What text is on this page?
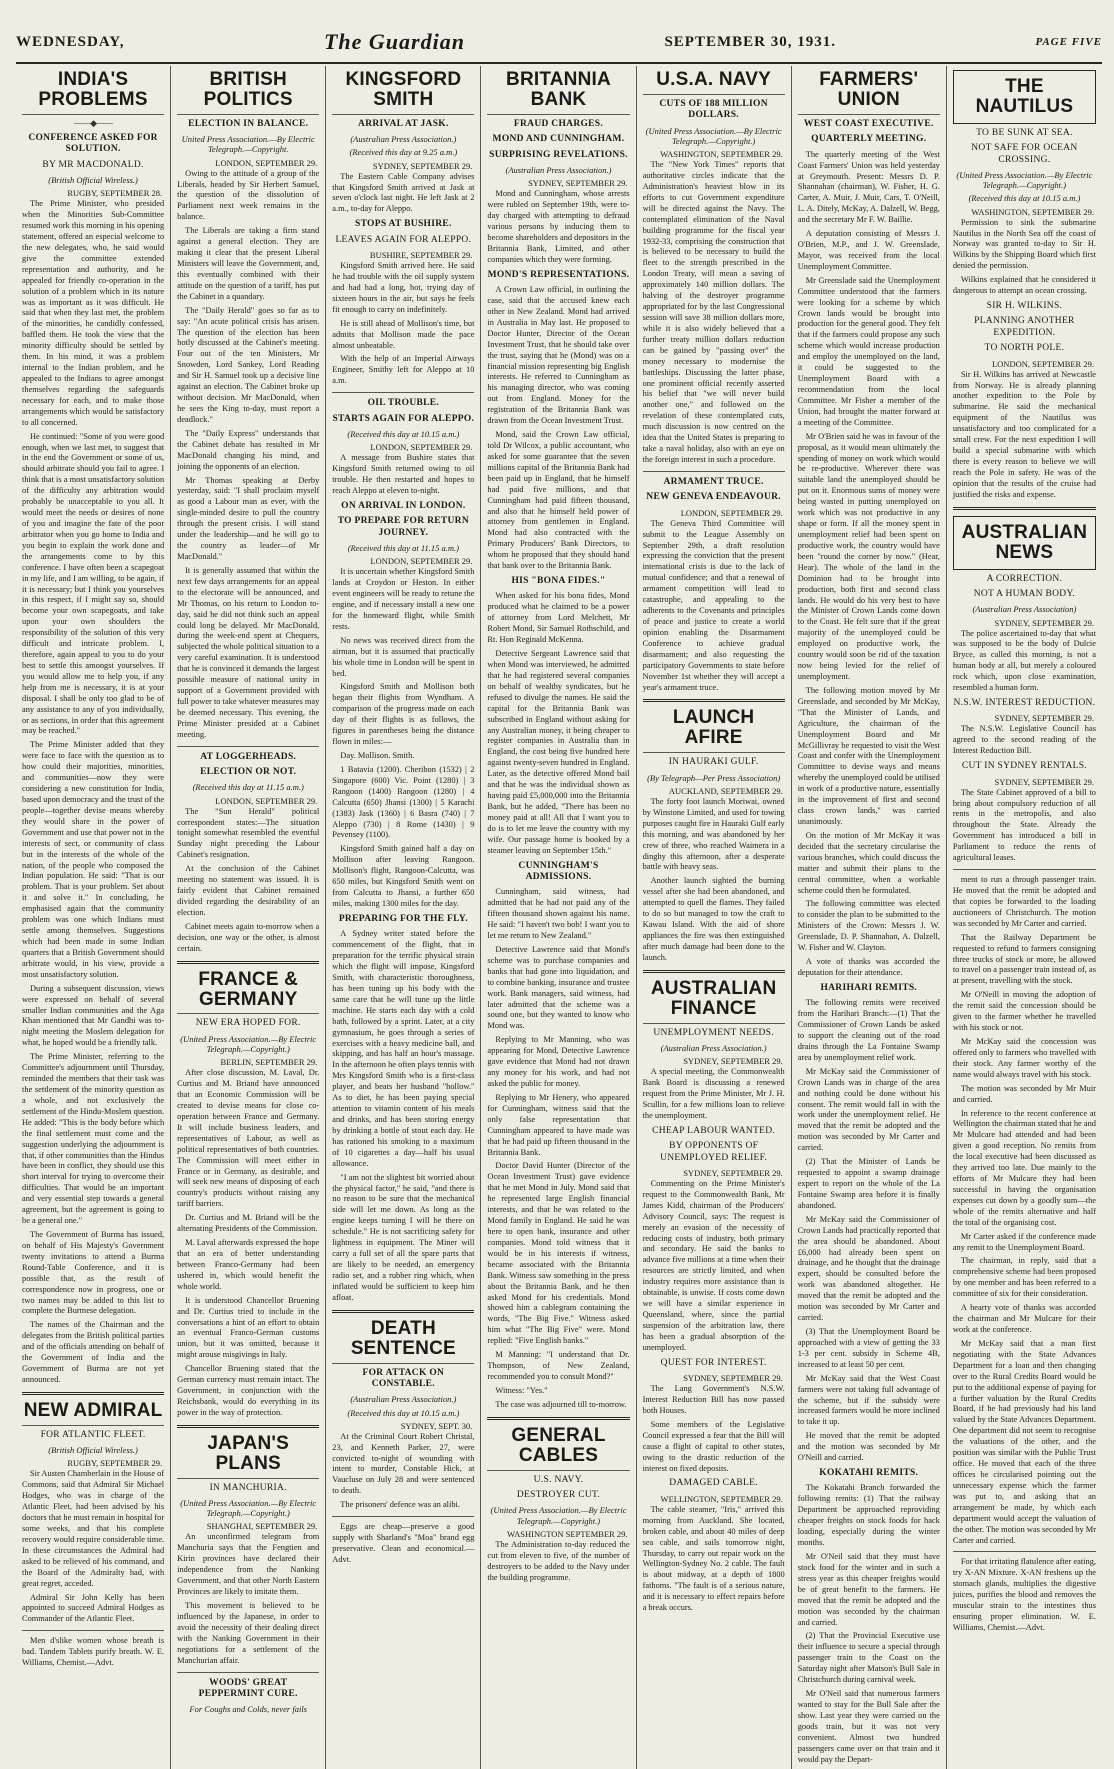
WEDNESDAY,	The Guardian	SEPTEMBER 30, 1931.	PAGE FIVE
INDIA'S PROBLEMS
——◆——
CONFERENCE ASKED FOR SOLUTION.
BY MR MACDONALD.
(British Official Wireless.)
RUGBY, SEPTEMBER 28.

The Prime Minister, who presided when the Minorities Sub-Committee resumed work this morning in his opening statement, offered an especial welcome to the new delegates, who, he said would give the committee extended representation and authority, and he appealed for friendly co-operation in the solution of a problem which in its nature was as important as it was difficult. He said that when they last met, the problem of the minorities, he candidly confessed, baffled them. He took the view that the minority difficulty should be settled by them. In his mind, it was a problem internal to the Indian problem, and he appealed to the Indians to agree amongst themselves regarding the safeguards necessary for each, and to make those arrangements which would be satisfactory to all concerned.

He continued: "Some of you were good enough, when we last met, to suggest that in the end the Government or some of us, should arbitrate should you fail to agree. I think that is a most unsatisfactory solution of the difficulty any arbitration would probably be unacceptable to you all. It would meet the needs or desires of none of you and imagine the fate of the poor arbitrator when you go home to India and you begin to explain the work done and the arrangements come to by this conference. I have often been a scapegoat in my life, and I am willing, to be again, if it is necessary; but I think you yourselves in this respect, if I might say so, should become your own scapegoats, and take upon your own shoulders the responsibility of the solution of this very difficult and intricate problem. I, therefore, again appeal to you to do your best to settle this amongst yourselves. If you would allow me to help you, if any help from me is necessary, it is at your disposal. I shall be only too glad to be of any assistance to any of you individually, or as sections, in order that this agreement may be reached."

The Prime Minister added that they were face to face with the question as to how could their majorities, minorities, and communities—now they were considering a new constitution for India, based upon democracy and the trust of the people—together devise means whereby they would share in the power of Government and use that power not in the interests of sect, or community of class but in the interests of the whole of the nation, of the people who composed the Indian population. He said: "That is our problem. That is your problem. Set about it and solve it." In concluding, he emphasised again that the community problem was one which Indians must settle among themselves. Suggestions which had been made in some Indian quarters that a British Government should arbitrate would, in his view, provide a most unsatisfactory solution.

During a subsequent discussion, views were expressed on behalf of several smaller Indian communities and the Aga Khan mentioned that Mr Gandhi was to-night meeting the Moslem delegation for what, he hoped would be a friendly talk.

The Prime Minister, referring to the Committee's adjournment until Thursday, reminded the members that their task was the settlement of the minority question as a whole, and not exclusively the settlement of the Hindu-Moslem question. He added: "This is the body before which the final settlement must come and the suggestion underlying the adjournment is that, if other communities than the Hindus have been in conflict, they should use this short interval for trying to overcome their difficulties. That would be an important and very essential step towards a general agreement, but the agreement is going to be a general one."

The Government of Burma has issued, on behalf of His Majesty's Government twenty invitations to attend a Burma Round-Table Conference, and it is possible that, as the result of correspondence now in progress, one or two names may be added to this list to complete the Burmese delegation.

The names of the Chairman and the delegates from the British political parties and of the officials attending on behalf of the Government of India and the Government of Burma are not yet announced.

NEW ADMIRAL
FOR ATLANTIC FLEET.
(British Official Wireless.)
RUGBY, SEPTEMBER 29.

Sir Austen Chamberlain in the House of Commons, said that Admiral Sir Michael Hodges, who was in charge of the Atlantic Fleet, had been advised by his doctors that he must remain in hospital for some weeks, and that his complete recovery would require considerable time. In these circumstances the Admiral had asked to be relieved of his command, and the Board of the Admiralty had, with great regret, acceded.

Admiral Sir John Kelly has been appointed to succeed Admiral Hodges as Commander of the Atlantic Fleet.

Men d'slike women whose breath is bad. Tandem Tablets purify breath. W. E. Williams, Chemist.—Advt.

BRITISH POLITICS
ELECTION IN BALANCE.
United Press Association.—By Electric Telegraph.—Copyright.
LONDON, SEPTEMBER 29.

Owing to the attitude of a group of the Liberals, headed by Sir Herbert Samuel, the question of the dissolution of Parliament next week remains in the balance.

The Liberals are taking a firm stand against a general election. They are making it clear that the present Liberal Ministers will leave the Government, and, this eventually combined with their attitude on the question of a tariff, has put the Cabinet in a quandary.

The "Daily Herald" goes so far as to say: "An acute political crisis has arisen. The question of the election has been hotly discussed at the Cabinet's meeting. Four out of the ten Ministers, Mr Snowden, Lord Sankey, Lord Reading and Sir H. Samuel took up a decisive line against an election. The Cabinet broke up without decision. Mr MacDonald, when he sees the King to-day, must report a deadlock."

The "Daily Express" understands that the Cabinet debate has resulted in Mr MacDonald changing his mind, and joining the opponents of an election.

Mr Thomas speaking at Derby yesterday, said: "I shall proclaim myself as good a Labour man as ever, with the single-minded desire to pull the country through the present crisis. I will stand under the leadership—and he will go to the country as leader—of Mr MacDonald."

It is generally assumed that within the next few days arrangements for an appeal to the electorate will be announced, and Mr Thomas, on his return to London to-day, said he did not think such an appeal could long be delayed. Mr MacDonald, during the week-end spent at Chequers, subjected the whole political situation to a very careful examination. It is understood that he is convinced it demands the largest possible measure of national unity in support of a Government provided with full power to take whatever measures may be deemed necessary. This evening, the Prime Minister presided at a Cabinet meeting.

AT LOGGERHEADS.
ELECTION OR NOT.
(Received this day at 11.15 a.m.)
LONDON, SEPTEMBER 29.

The "Sun Herald" political correspondent states:—The situation tonight somewhat resembled the eventful Sunday night preceding the Labour Cabinet's resignation.

At the conclusion of the Cabinet meeting no statement was issued. It is fairly evident that Cabinet remained divided regarding the desirability of an election.

Cabinet meets again to-morrow when a decision, one way or the other, is almost certain.

FRANCE & GERMANY
NEW ERA HOPED FOR.
(United Press Association.—By Electric Telegraph.—Copyright.)
BERLIN, SEPTEMBER 29.

After close discussion, M. Laval, Dr. Curtius and M. Briand have announced that an Economic Commission will be created to devise means for close co-operation between France and Germany. It will include business leaders, and representatives of Labour, as well as political representatives of both countries. The Commission will meet either in France or in Germany, as desirable, and will seek new means of disposing of each country's products without raising any tariff barriers.

Dr. Curtius and M. Briand will be the alternating Presidents of the Commission.

M. Laval afterwards expressed the hope that an era of better understanding between Franco-Germany had been ushered in, which would benefit the whole world.

It is understood Chancellor Bruening and Dr. Curtius tried to include in the conversations a hint of an effort to obtain an eventual Franco-German customs union, but it was omitted, because it might arouse misgivings in Italy.

Chancellor Bruening stated that the German currency must remain intact. The Government, in conjunction with the Reichsbank, would do everything in its power in the way of protection.

JAPAN'S PLANS
IN MANCHURIA.
(United Press Association.—By Electric Telegraph.—Copyright.)
SHANGHAI, SEPTEMBER 29.

An unconfirmed telegram from Manchuria says that the Fengtien and Kirin provinces have declared their independence from the Nanking Government, and that other North Eastern Provinces are likely to imitate them.

This movement is believed to be influenced by the Japanese, in order to avoid the necessity of their dealing direct with the Nanking Government in their negotiations for a settlement of the Manchurian affair.

WOODS' GREAT PEPPERMINT CURE.
For Coughs and Colds, never fails
KINGSFORD SMITH
ARRIVAL AT JASK.
(Australian Press Association.)
(Received this day at 9.25 a.m.)
SYDNEY, SEPTEMBER 29.

The Eastern Cable Company advises that Kingsford Smith arrived at Jask at seven o'clock last night. He left Jask at 2 a.m., to-day for Aleppo.

STOPS AT BUSHIRE.
LEAVES AGAIN FOR ALEPPO.
BUSHIRE, SEPTEMBER 29.

Kingsford Smith arrived here. He said he had trouble with the oil supply system and had had a long, hot, trying day of sixteen hours in the air, but says he feels fit enough to carry on indefinitely.

He is still ahead of Mollison's time, but admits that Mollison made the pace almost unbeatable.

With the help of an Imperial Airways Engineer, Smithy left for Aleppo at 10 a.m.

OIL TROUBLE.
STARTS AGAIN FOR ALEPPO.
(Received this day at 10.15 a.m.)
LONDON, SEPTEMBER 29.

A message from Bushire states that Kingsford Smith returned owing to oil trouble. He then restarted and hopes to reach Aleppo at eleven to-night.

ON ARRIVAL IN LONDON.
TO PREPARE FOR RETURN JOURNEY.
(Received this day at 11.15 a.m.)
LONDON, SEPTEMBER 29.

It is uncertain whether Kingsford Smith lands at Croydon or Heston. In either event engineers will be ready to retune the engine, and if necessary install a new one for the homeward flight, while Smith rests.

No news was received direct from the airman, but it is assumed that practically his whole time in London will be spent in bed.

Kingsford Smith and Mollison both began their flights from Wyndham. A comparison of the progress made on each day of their flights is as follows, the figures in parentheses being the distance flown in miles:—

Day. Mollison. Smith.

1 Batavia (1200). Cheribon (1532) | 2 Singapore (600) Vic. Point (1280) | 3 Rangoon (1400) Rangoon (1280) | 4 Calcutta (650) Jhansi (1300) | 5 Karachi (1383) Jask (1360) | 6 Basra (740) | 7 Aleppo (730) | 8 Rome (1430) | 9 Pevensey (1100).

Kingsford Smith gained half a day on Mollison after leaving Rangoon. Mollison's flight, Rangoon-Calcutta, was 650 miles, but Kingsford Smith went on from Calcutta to Jhansi, a further 650 miles, making 1300 miles for the day.

PREPARING FOR THE FLY.

A Sydney writer stated before the commencement of the flight, that in preparation for the terrific physical strain which the flight will impose, Kingsford Smith, with characteristic thoroughness, has been tuning up his body with the same care that he will tune up the little machine. He starts each day with a cold bath, followed by a sprint. Later, at a city gymnasium, he goes through a series of exercises with a heavy medicine ball, and skipping, and has half an hour's massage. In the afternoon he often plays tennis with Mrs Kingsford Smith who is a first-class player, and beats her husband "hollow." As to diet, he has been paying special attention to vitamin content of his meals and drinks, and has been storing energy by drinking a bottle of stout each day. He has rationed his smoking to a maximum of 10 cigarettes a day—half his usual allowance.

"I am not the slightest bit worried about the physical factor," he said, "and there is no reason to be sure that the mechanical side will let me down. As long as the engine keeps turning I will be there on schedule." He is not sacrificing safety for lightness in equipment. The Miner will carry a full set of all the spare parts that are likely to be needed, an emergency radio set, and a rubber ring which, when inflated would be sufficient to keep him afloat.

DEATH SENTENCE
FOR ATTACK ON CONSTABLE.
(Australian Press Association.)
(Received this day at 10.15 a.m.)
SYDNEY, SEPT. 30.

At the Criminal Court Robert Christal, 23, and Kenneth Parker, 27, were convicted to-night of wounding with intent to murder, Constable Hick, at Vaucluse on July 28 and were sentenced to death.

The prisoners' defence was an alibi.

Eggs are cheap—preserve a good supply with Sharland's "Moa" brand egg preservative. Clean and economical.—Advt.

BRITANNIA BANK
FRAUD CHARGES.
MOND AND CUNNINGHAM.
SURPRISING REVELATIONS.
(Australian Press Association.)
SYDNEY, SEPTEMBER 29.

Mond and Cunningham, whose arrests were rubled on September 19th, were to-day charged with attempting to defraud various persons by inducing them to become shareholders and depositors in the Britannia Bank, Limited, and other companies which they were forming.

MOND'S REPRESENTATIONS.

A Crown Law official, in outlining the case, said that the accused knew each other in New Zealand. Mond had arrived in Australia in May last. He proposed to Doctor Hunter, Director of the Ocean Investment Trust, that he should take over the trust, saying that he (Mond) was on a financial mission representing big English interests. He referred to Cunningham as his managing director, who was coming out from England. Money for the registration of the Britannia Bank was drawn from the Ocean Investment Trust.

Mond, said the Crown Law official, told Dr Wilcox, a public accountant, who asked for some guarantee that the seven millions capital of the Britannia Bank had been paid up in England, that he himself had paid five millions, and that Cunningham had paid fifteen thousand, and also that he himself held power of attorney from gentlemen in England. Mond had also contracted with the Primary Producers' Bank Directors, to whom he proposed that they should hand that bank over to the Britannia Bank.

HIS "BONA FIDES."

When asked for his bona fides, Mond produced what he claimed to be a power of attorney from Lord Melchett, Mr Robert Mond, Sir Samuel Rothschild, and Rt. Hon Reginald McKenna.

Detective Sergeant Lawrence said that when Mond was interviewed, he admitted that he had registered several companies on behalf of wealthy syndicates, but he refused to divulge the names. He said the capital for the Britannia Bank was subscribed in England without asking for any Australian money, it being cheaper to register companies in Australia than in England, the cost being five hundred here against twenty-seven hundred in England. Later, as the detective offered Mond bail and that he was the individual shown as having paid £5,000,000 into the Britannia Bank, but he added, "There has been no money paid at all! All that I want you to do is to let me leave the country with my wife. Our passage home is booked by a steamer leaving on September 15th."

CUNNINGHAM'S ADMISSIONS.

Cunningham, said witness, had admitted that he had not paid any of the fifteen thousand shown against his name. He said: "I haven't two bob! I want you to let me return to New Zealand."

Detective Lawrence said that Mond's scheme was to purchase companies and banks that had gone into liquidation, and to combine banking, insurance and trustee work. Bank managers, said witness, had later admitted that the scheme was a sound one, but they wanted to know who Mond was.

Replying to Mr Manning, who was appearing for Mond, Detective Lawrence gave evidence that Mond had not drawn any money for his work, and had not asked the public for money.

Replying to Mr Henery, who appeared for Cunningham, witness said that the only false representation that Cunningham appeared to have made was that he had paid up fifteen thousand in the Britannia Bank.

Doctor David Hunter (Director of the Ocean Investment Trust) gave evidence that he met Mond in July. Mond said that he represented large English financial interests, and that he was related to the Mond family in England. He said he was here to open bank, insurance and other companies. Mond told witness that it would be in his interests if witness, became associated with the Britannia Bank. Witness saw something in the press about the Britannia Bank, and he then asked Mond for his credentials. Mond showed him a cablegram containing the words, "The Big Five." Witness asked him what "The Big Five" were. Mond replied: "Five English banks."

M Manning: "I understand that Dr. Thompson, of New Zealand, recommended you to consult Mond?"

Witness: "Yes."

The case was adjourned till to-morrow.

GENERAL CABLES
U.S. NAVY.
DESTROYER CUT.
(United Press Association.—By Electric Telegraph.—Copyright.)
WASHINGTON SEPTEMBER 29.

The Administration to-day reduced the cut from eleven to five, of the number of destroyers to be added to the Navy under the building programme.

U.S.A. NAVY
CUTS OF 188 MILLION DOLLARS.
(United Press Association.—By Electric Telegraph.—Copyright.)
WASHINGTON, SEPTEMBER 29.

The "New York Times" reports that authoritative circles indicate that the Administration's heaviest blow in its efforts to cut Government expenditure will be directed against the Navy. The contemplated elimination of the Naval building programme for the fiscal year 1932-33, comprising the construction that is believed to be necessary to build the fleet to the strength prescribed in the London Treaty, will mean a saving of approximately 140 million dollars. The halving of the destroyer programme appropriated for by the last Congressional session will save 38 million dollars more, while it is also widely believed that a further treaty million dollars reduction can be gained by "passing over" the money necessary to modernise the battleships. Discussing the latter phase, one prominent official recently asserted his belief that "we will never build another one," and followed on the revelation of these contemplated cuts, much discussion is now centred on the idea that the United States is preparing to take a naval holiday, also with an eye on the foreign interest in such a procedure.

ARMAMENT TRUCE.
NEW GENEVA ENDEAVOUR.
LONDON, SEPTEMBER 29.

The Geneva Third Committee will submit to the League Assembly on September 29th, a draft resolution expressing the conviction that the present international crisis is due to the lack of mutual confidence; and that a renewal of armament competition will lead to catastrophe, and appealing to the adherents to the Covenants and principles of peace and justice to create a world opinion enabling the Disarmament Conference to achieve gradual disarmament; and also requesting the participatory Governments to state before November 1st whether they will accept a year's armament truce.

LAUNCH AFIRE
IN HAURAKI GULF.
(By Telegraph—Per Press Association)
AUCKLAND, SEPTEMBER 29.

The forty foot launch Moriwai, owned by Winstone Limited, and used for towing purposes caught fire in Hauraki Gulf early this morning, and was abandoned by her crew of three, who reached Waimera in a dinghy this afternoon, after a desperate battle with heavy seas.

Another launch sighted the burning vessel after she had been abandoned, and attempted to quell the flames. They failed to do so but managed to tow the craft to Kawau Island. With the aid of shore appliances the fire was then extinguished after much damage had been done to the launch.

AUSTRALIAN FINANCE
UNEMPLOYMENT NEEDS.
(Australian Press Association.)
SYDNEY, SEPTEMBER 29.

A special meeting, the Commonwealth Bank Board is discussing a renewed request from the Prime Minister, Mr J. H. Scullin, for a few millions loan to relieve the unemployment.

CHEAP LABOUR WANTED.
BY OPPONENTS OF UNEMPLOYED RELIEF.
SYDNEY, SEPTEMBER 29.

Commenting on the Prime Minister's request to the Commonwealth Bank, Mr James Kidd, chairman of the Producers' Advisory Council, says: The request is merely an evasion of the necessity of reducing costs of industry, both primary and secondary. He said the banks to advance five millions at a time when their resources are strictly limited, and when industry requires more assistance than is obtainable, is unwise. If costs come down we will have a similar experience in Queensland, where, since the partial suspension of the arbitration law, there has been a gradual absorption of the unemployed.

QUEST FOR INTEREST.
SYDNEY, SEPTEMBER 29.

The Lang Government's N.S.W. Interest Reduction Bill has now passed both Houses.

Some members of the Legislative Council expressed a fear that the Bill will cause a flight of capital to other states, owing to the drastic reduction of the interest on fixed deposits.

DAMAGED CABLE.
WELLINGTON, SEPTEMBER 29.

The cable steamer, "Iris," arrived this morning from Auckland. She located, broken cable, and about 40 miles of deep sea cable, and sails tomorrow night, Thursday, to carry out repair work on the Wellington-Sydney No. 2 cable. The fault is about midway, at a depth of 1800 fathoms. "The fault is of a serious nature, and it is necessary to effect repairs before a break occurs.

FARMERS' UNION
WEST COAST EXECUTIVE.
QUARTERLY MEETING.

The quarterly meeting of the West Coast Farmers' Union was held yesterday at Greymouth. Present: Messrs D. P. Shannahan (chairman), W. Fisher, H. G. Carter, A. Muir, J. Muir, Cars, T. O'Neill, L. A. Ditely, McKay, A. Dalzell, W. Begg, and the secretary Mr F. W. Baillie.

A deputation consisting of Messrs J. O'Brien, M.P., and J. W. Greenslade, Mayor, was received from the local Unemployment Committee.

Mr Greenslade said the Unemployment Committee understood that the farmers were looking for a scheme by which Crown lands would be brought into production for the general good. They felt that if the farmers could propose any such scheme which would increase production and employ the unemployed on the land, it could be suggested to the Unemployment Board with a recommendation from the local Committee. Mr Fisher a member of the Union, had brought the matter forward at a meeting of the Committee.

Mr O'Brien said he was in favour of the proposal, as it would mean ultimately the spending of money on work which would be re-productive. Wherever there was suitable land the unemployed should be put on it. Enormous sums of money were being wasted in putting unemployed on work which was not productive in any shape or form. If all the money spent in unemployment relief had been spent on productive work, the country would have been "round the corner by now." (Hear, Hear). The whole of the land in the Dominion had to be brought into production, both first and second class lands. He would do his very best to have the Minister of Crown Lands come down to the Coast. He felt sure that if the great majority of the unemployed could be employed on productive work, the country would soon be rid of the taxation now being levied for the relief of unemployment.

The following motion moved by Mr Greenslade, and seconded by Mr McKay, "That the Minister of Lands, and Agriculture, the chairman of the Unemployment Board and Mr McGillivray be requested to visit the West Coast and confer with the Unemployment Committee to devise ways and means whereby the unemployed could be utilised in work of a productive nature, essentially in the improvement of first and second class crown lands," was carried unanimously.

On the motion of Mr McKay it was decided that the secretary circularise the various branches, which could discuss the matter and submit their plans to the central committee, when a workable scheme could then be formulated.

The following committee was elected to consider the plan to be submitted to the Ministers of the Crown: Messrs J. W. Greenslade, D. P. Shannahan, A. Dalzell, W. Fisher and W. Clayton.

A vote of thanks was accorded the deputation for their attendance.

HARIHARI REMITS.

The following remits were received from the Harihari Branch:—(1) That the Commissioner of Crown Lands be asked to support the cleaning out of the road drains through the La Fontaine Swamp area by unemployment relief work.

Mr McKay said the Commissioner of Crown Lands was in charge of the area and nothing could be done without his consent. The remit would fall in with the work under the unemployment relief. He moved that the remit be adopted and the motion was seconded by Mr Carter and carried.

(2) That the Minister of Lands be requested to appoint a swamp drainage expert to report on the whole of the La Fontaine Swamp area before it is finally abandoned.

Mr McKay said the Commissioner of Crown Lands had practically reported that the area should be abandoned. About £6,000 had already been spent on drainage, and he thought that the drainage expert, should be consulted before the work was abandoned altogether. He moved that the remit be adopted and the motion was seconded by Mr Carter and carried.

(3) That the Unemployment Board be approached with a view of getting the 33 1-3 per cent. subsidy in Scheme 4B, increased to at least 50 per cent.

Mr McKay said that the West Coast farmers were not taking full advantage of the scheme, but if the subsidy were increased farmers would be more inclined to take it up.

He moved that the remit be adopted and the motion was seconded by Mr O'Neill and carried.

KOKATAHI REMITS.

The Kokatahi Branch forwarded the following remits: (1) That the railway Department be approached reproviding cheaper freights on stock foods for hack loading, especially during the winter months.

Mr O'Neil said that they must have stock food for the winter and in such a stress year as this cheaper freights would be of great benefit to the farmers. He moved that the remit be adopted and the motion was seconded by the chairman and carried.

(2) That the Provincial Executive use their influence to secure a special through passenger train to the Coast on the Saturday night after Matson's Bull Sale in Christchurch during carnival week.

Mr O'Neil said that numerous farmers wanted to stay for the Bull Sale after the show. Last year they were carried on the goods train, but it was not very convenient. Almost two hundred passengers came over on that train and it would pay the Depart-

THE NAUTILUS
TO BE SUNK AT SEA.
NOT SAFE FOR OCEAN CROSSING.
(United Press Association.—By Electric Telegraph.—Copyright.)
(Received this day at 10.15 a.m.)
WASHINGTON, SEPTEMBER 29.

Permission to sink the submarine Nautilus in the North Sea off the coast of Norway was granted to-day to Sir H. Wilkins by the Shipping Board which first denied the permission.

Wilkins explained that he considered it dangerous to attempt an ocean crossing.

SIR H. WILKINS.
PLANNING ANOTHER EXPEDITION.
TO NORTH POLE.
LONDON, SEPTEMBER 29.

Sir H. Wilkins has arrived at Newcastle from Norway. He is already planning another expedition to the Pole by submarine. He said the mechanical equipment of the Nautilus was unsatisfactory and too complicated for a small crew. For the next expedition I will build a special submarine with which there is every reason to believe we will reach the Pole in safety. He was of the opinion that the results of the cruise had justified the risks and expense.

AUSTRALIAN NEWS
A CORRECTION.
NOT A HUMAN BODY.
(Australian Press Association)
SYDNEY, SEPTEMBER 29.

The police ascertained to-day that what was supposed to be the body of Dulcie Bryce, as called this morning, is not a human body at all, but merely a coloured rock which, upon close examination, resembled a human form.

N.S.W. INTEREST REDUCTION.
SYDNEY, SEPTEMBER 29.

The N.S.W. Legislative Council has agreed to the second reading of the Interest Reduction Bill.

CUT IN SYDNEY RENTALS.
SYDNEY, SEPTEMBER 29.

The State Cabinet approved of a bill to bring about compulsory reduction of all rents in the metropolis, and also throughout the State. Already the Government has introduced a bill in Parliament to reduce the rents of agricultural leases.

ment to run a through passenger train. He moved that the remit be adopted and that copies be forwarded to the loading auctioneers of Christchurch. The motion was seconded by Mr Carter and carried.

That the Railway Department be requested to refund to farmers consigning three trucks of stock or more, be allowed to travel on a passenger train instead of, as at present, travelling with the stock.

Mr O'Neill in moving the adoption of the remit said the concession should be given to the farmer whether he travelled with his stock or not.

Mr McKay said the concession was offered only to farmers who travelled with their stock. Any farmer worthy of the name would always travel with his stock.

The motion was seconded by Mr Muir and carried.

In reference to the recent conference at Wellington the chairman stated that he and Mr Mulcare had attended and had been given a good reception. No remits from the local executive had been discussed as they arrived too late. Due mainly to the efforts of Mr Mulcare they had been successful in having the organisation expenses cut down by a goodly sum—the whole of the remits alternative and half the total of the organising cost.

Mr Carter asked if the conference made any remit to the Unemployment Board.

The chairman, in reply, said that a comprehensive scheme had been proposed by one member and has been referred to a committee of six for their consideration.

A hearty vote of thanks was accorded the chairman and Mr Mulcare for their work at the conference.

Mr McKay said that a man first negotiating with the State Advances Department for a loan and then changing over to the Rural Credits Board would be put to the additional expense of paying for a further valuation by the Rural Credits Board, if he had previously had his land valued by the State Advances Department. One department did not seem to recognise the valuations of the other, and the position was similar with the Public Trust office. He moved that each of the three offices be circularised pointing out the unnecessary expense which the farmer was put to, and asking that an arrangement be made, by which each department would accept the valuation of the other. The motion was seconded by Mr Carter and carried.

For that irritating flatulence after eating, try X-AN Mixture. X-AN freshens up the stomach glands, multiplies the digestive juices, purifies the blood and removes the muscular strain to the intestines thus ensuring proper elimination. W. E. Williams, Chemist.—Advt.
